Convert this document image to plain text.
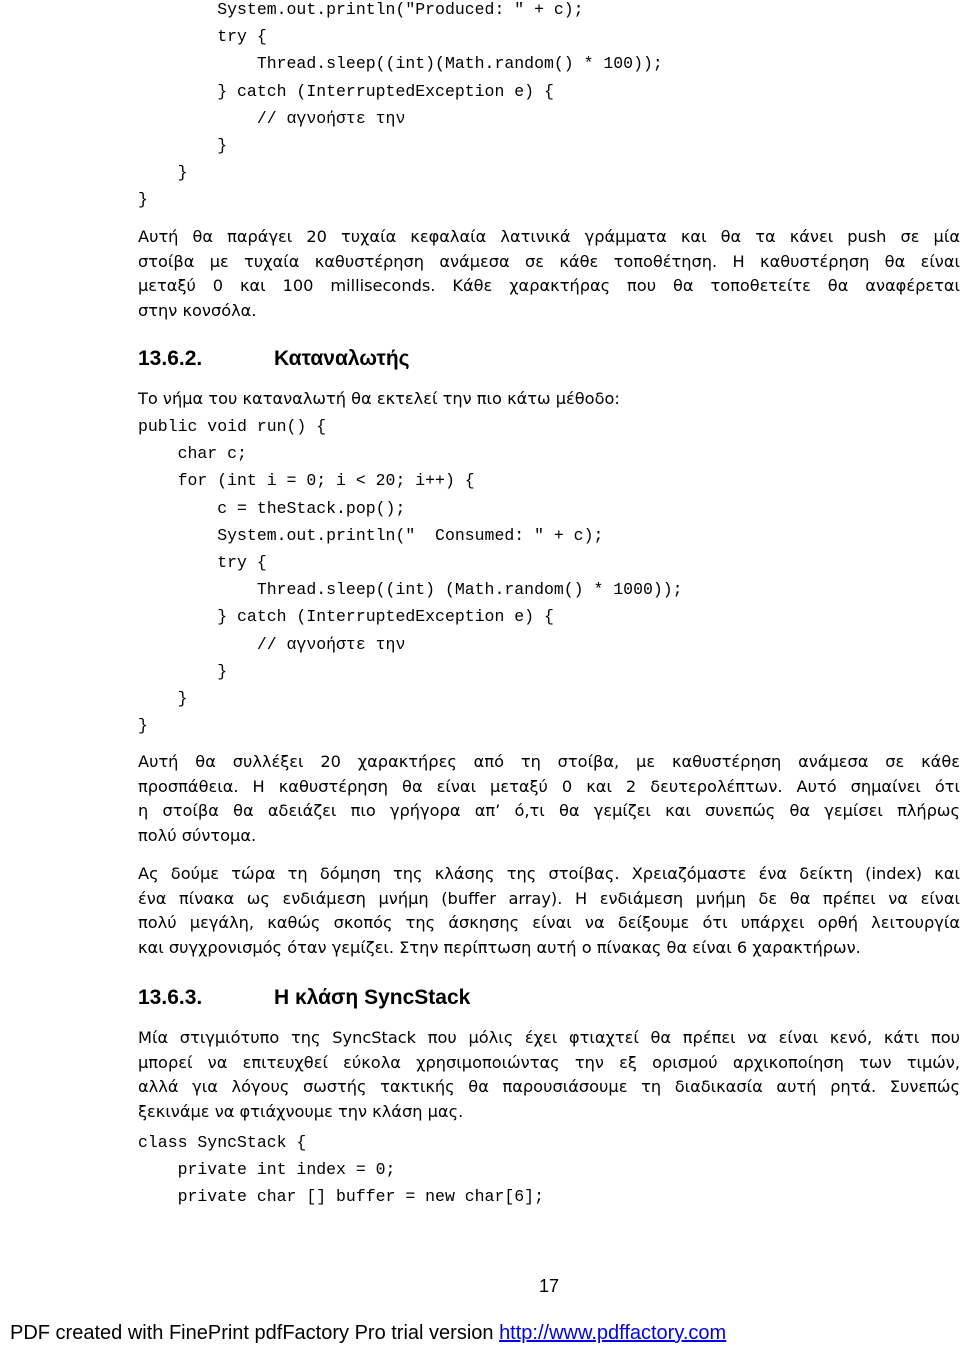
System.out.println("Produced: " + c);
try {
Thread.sleep((int)(Math.random() * 100));
} catch (InterruptedException e) {
// αγνοήστε την
}
}
}

Αυτή θα παράγει 20 τυχαία κεφαλαία λατινικά γράμματα και θα τα κάνει push σε μία
στοίβα με τυχαία καθυστέρηση ανάμεσα σε κάθε τοποθέτηση. Η καθυστέρηση θα είναι
μεταξύ 0 και 100 milliseconds. Κάθε χαρακτήρας που θα τοποθετείτε θα αναφέρεται
στην κονσόλα.

13.6.2.	Καταναλωτής

Το νήμα του καταναλωτή θα εκτελεί την πιο κάτω μέθοδο:

public void run() {
char c;
for (int i = 0; i < 20; i++) {
c = theStack.pop();
System.out.println("  Consumed: " + c);
try {
Thread.sleep((int) (Math.random() * 1000));
} catch (InterruptedException e) {
// αγνοήστε την
}
}
}

Αυτή θα συλλέξει 20 χαρακτήρες από τη στοίβα, με καθυστέρηση ανάμεσα σε κάθε
προσπάθεια. Η καθυστέρηση θα είναι μεταξύ 0 και 2 δευτερολέπτων. Αυτό σημαίνει ότι
η στοίβα θα αδειάζει πιο γρήγορα απ’ ό,τι θα γεμίζει και συνεπώς θα γεμίσει πλήρως
πολύ σύντομα.

Ας δούμε τώρα τη δόμηση της κλάσης της στοίβας. Χρειαζόμαστε ένα δείκτη (index) και
ένα πίνακα ως ενδιάμεση μνήμη (buffer array). Η ενδιάμεση μνήμη δε θα πρέπει να είναι
πολύ μεγάλη, καθώς σκοπός της άσκησης είναι να δείξουμε ότι υπάρχει ορθή λειτουργία
και συγχρονισμός όταν γεμίζει. Στην περίπτωση αυτή ο πίνακας θα είναι 6 χαρακτήρων.

13.6.3.	Η κλάση SyncStack

Μία στιγμιότυπο της SyncStack που μόλις έχει φτιαχτεί θα πρέπει να είναι κενό, κάτι που
μπορεί να επιτευχθεί εύκολα χρησιμοποιώντας την εξ ορισμού αρχικοποίηση των τιμών,
αλλά για λόγους σωστής τακτικής θα παρουσιάσουμε τη διαδικασία αυτή ρητά. Συνεπώς
ξεκινάμε να φτιάχνουμε την κλάση μας.

class SyncStack {
private int index = 0;
private char [] buffer = new char[6];
17
PDF created with FinePrint pdfFactory Pro trial version http://www.pdffactory.com
